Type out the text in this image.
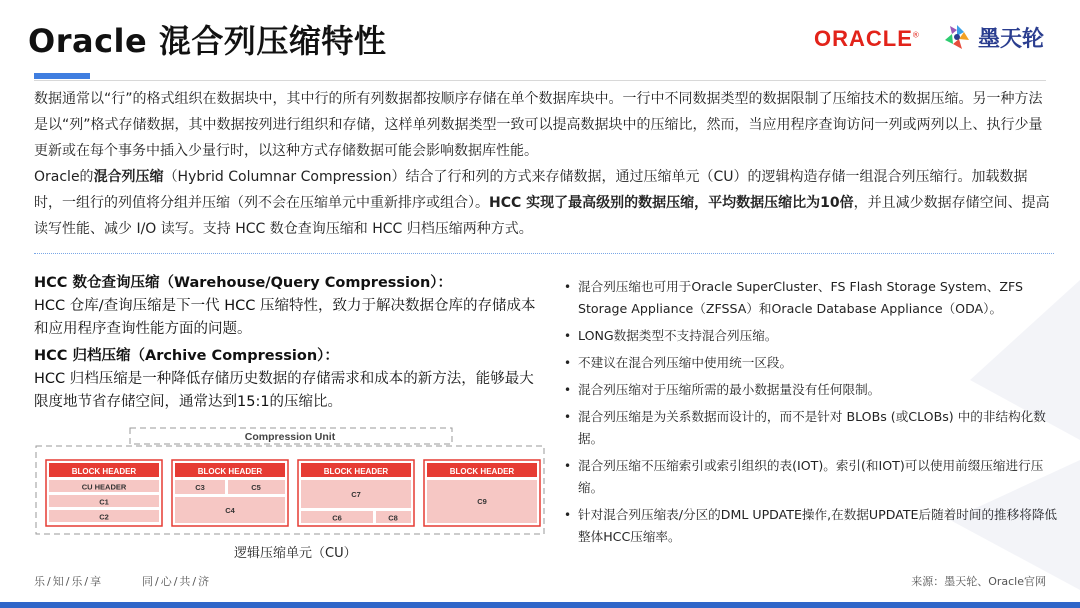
Oracle 混合列压缩特性	ORACLE®	墨天轮
数据通常以“行”的格式组织在数据块中，其中行的所有列数据都按顺序存储在单个数据库块中。一行中不同数据类型的数据限制了压缩技术的数据压缩。另一种方法是以“列”格式存储数据，其中数据按列进行组织和存储，这样单列数据类型一致可以提高数据块中的压缩比，然而，当应用程序查询访问一列或两列以上、执行少量更新或在每个事务中插入少量行时，以这种方式存储数据可能会影响数据库性能。
Oracle的混合列压缩（Hybrid Columnar Compression）结合了行和列的方式来存储数据，通过压缩单元（CU）的逻辑构造存储一组混合列压缩行。加载数据时，一组行的列值将分组并压缩（列不会在压缩单元中重新排序或组合）。HCC 实现了最高级别的数据压缩，平均数据压缩比为10倍，并且减少数据存储空间、提高读写性能、减少 I/O 读写。支持 HCC 数仓查询压缩和 HCC 归档压缩两种方式。

HCC 数仓查询压缩（Warehouse/Query Compression）：

HCC 仓库/查询压缩是下一代 HCC 压缩特性，致力于解决数据仓库的存储成本和应用程序查询性能方面的问题。

HCC 归档压缩（Archive Compression）：

HCC 归档压缩是一种降低存储历史数据的存储需求和成本的新方法，能够最大限度地节省存储空间，通常达到15:1的压缩比。

Compression Unit
BLOCK HEADER
CU HEADER
C1
C2
BLOCK HEADER
C3	C5
C4
BLOCK HEADER
C7
C6	C8
BLOCK HEADER
C9
逻辑压缩单元（CU）
• 混合列压缩也可用于Oracle SuperCluster、FS Flash Storage System、ZFS Storage Appliance（ZFSSA）和Oracle Database Appliance（ODA）。
• LONG数据类型不支持混合列压缩。
• 不建议在混合列压缩中使用统一区段。
• 混合列压缩对于压缩所需的最小数据量没有任何限制。
• 混合列压缩是为关系数据而设计的，而不是针对 BLOBs (或CLOBs) 中的非结构化数据。
• 混合列压缩不压缩索引或索引组织的表(IOT)。索引(和IOT)可以使用前缀压缩进行压缩。
• 针对混合列压缩表/分区的DML UPDATE操作,在数据UPDATE后随着时间的推移将降低整体HCC压缩率。
乐/知/乐/享	同/心/共/济	来源：墨天轮、Oracle官网
